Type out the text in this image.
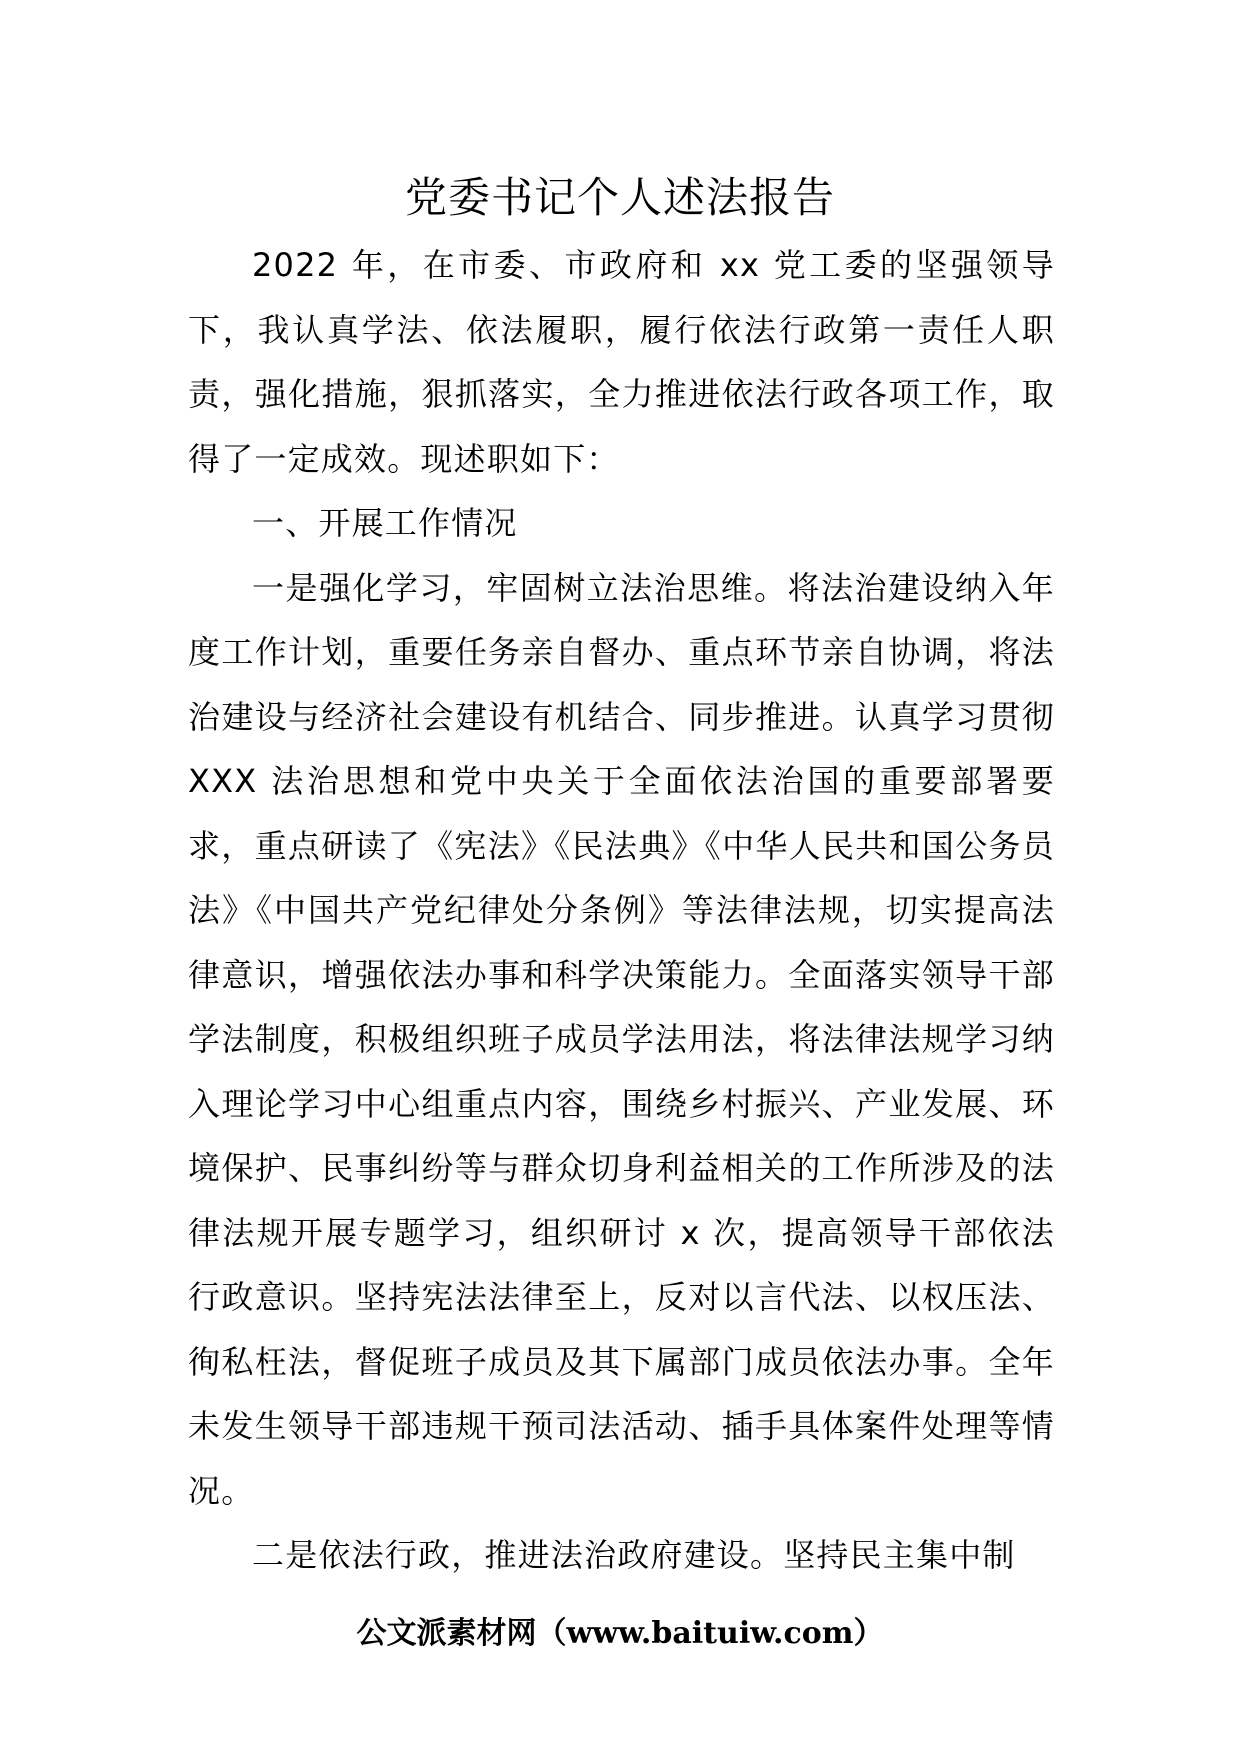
党委书记个人述法报告

2022 年，在市委、市政府和 xx 党工委的坚强领导下，我认真学法、依法履职，履行依法行政第一责任人职责，强化措施，狠抓落实，全力推进依法行政各项工作，取得了一定成效。现述职如下：

一、开展工作情况

一是强化学习，牢固树立法治思维。将法治建设纳入年度工作计划，重要任务亲自督办、重点环节亲自协调，将法治建设与经济社会建设有机结合、同步推进。认真学习贯彻 XXX 法治思想和党中央关于全面依法治国的重要部署要求，重点研读了《宪法》《民法典》《中华人民共和国公务员法》《中国共产党纪律处分条例》等法律法规，切实提高法律意识，增强依法办事和科学决策能力。全面落实领导干部学法制度，积极组织班子成员学法用法，将法律法规学习纳入理论学习中心组重点内容，围绕乡村振兴、产业发展、环境保护、民事纠纷等与群众切身利益相关的工作所涉及的法律法规开展专题学习，组织研讨 x 次，提高领导干部依法行政意识。坚持宪法法律至上，反对以言代法、以权压法、徇私枉法，督促班子成员及其下属部门成员依法办事。全年未发生领导干部违规干预司法活动、插手具体案件处理等情况。

二是依法行政，推进法治政府建设。坚持民主集中制

公文派素材网（www.baituiw.com）
